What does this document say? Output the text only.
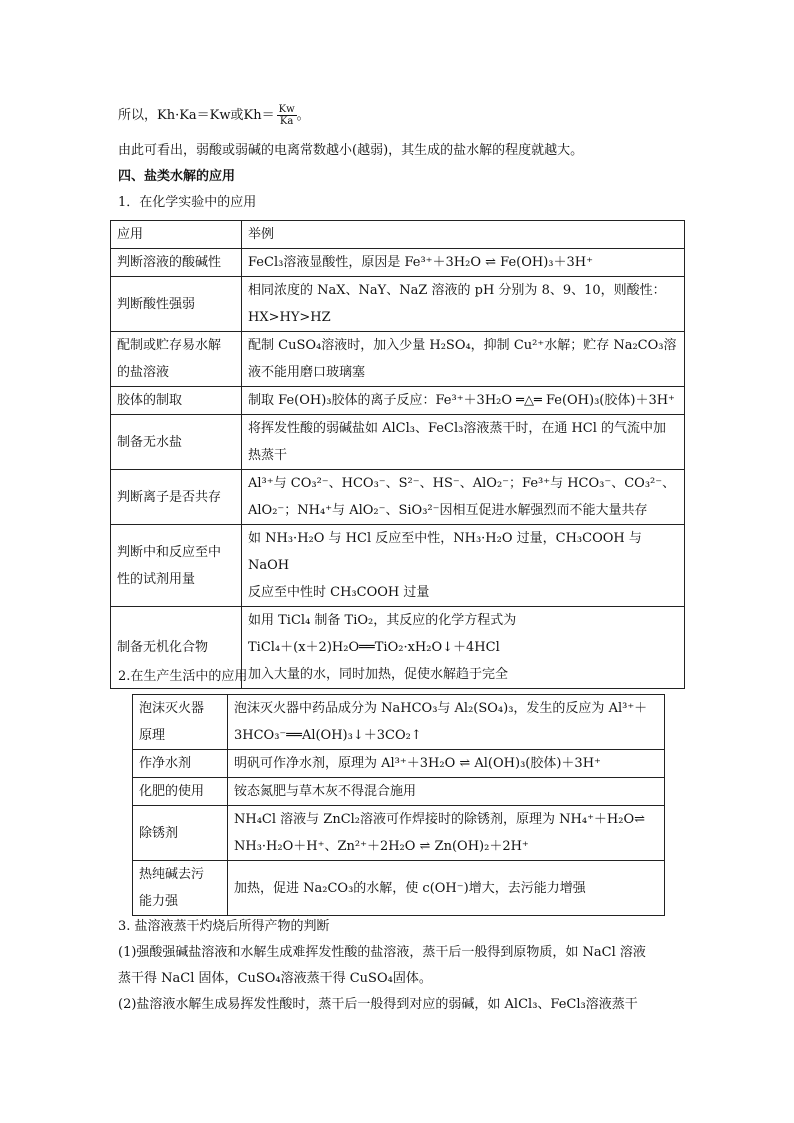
所以，Kh·Ka＝Kw或$Kh= \frac{Kw}{Ka}$ 。
由此可看出，弱酸或弱碱的电离常数越小(越弱)，其生成的盐水解的程度就越大。
四、盐类水解的应用
1．在化学实验中的应用
应用	举例

判断溶液的酸碱性	FeCl₃溶液显酸性，原因是 Fe³⁺＋3H₂O ⇌ Fe(OH)₃＋3H⁺

判断酸性强弱	相同浓度的 NaX、NaY、NaZ 溶液的 pH 分别为 8、9、10，则酸性：
HX>HY>HZ

配制或贮存易水解
的盐溶液	配制 CuSO₄溶液时，加入少量 H₂SO₄，抑制 Cu²⁺水解；贮存 Na₂CO₃溶
液不能用磨口玻璃塞

胶体的制取	制取 Fe(OH)₃胶体的离子反应：Fe³⁺＋3H₂O ═△═ Fe(OH)₃(胶体)＋3H⁺

制备无水盐	将挥发性酸的弱碱盐如 AlCl₃、FeCl₃溶液蒸干时，在通 HCl 的气流中加
热蒸干

判断离子是否共存	Al³⁺与 CO₃²⁻、HCO₃⁻、S²⁻、HS⁻、AlO₂⁻；Fe³⁺与 HCO₃⁻、CO₃²⁻、
AlO₂⁻；NH₄⁺与 AlO₂⁻、SiO₃²⁻因相互促进水解强烈而不能大量共存

判断中和反应至中
性的试剂用量	如 NH₃·H₂O 与 HCl 反应至中性，NH₃·H₂O 过量，CH₃COOH 与 NaOH
反应至中性时 CH₃COOH 过量

制备无机化合物	如用 TiCl₄ 制备 TiO₂，其反应的化学方程式为
TiCl₄＋(x＋2)H₂O══TiO₂·xH₂O↓＋4HCl
加入大量的水，同时加热，促使水解趋于完全
2.在生产生活中的应用
泡沫灭火器
原理	泡沫灭火器中药品成分为 NaHCO₃与 Al₂(SO₄)₃，发生的反应为 Al³⁺＋
3HCO₃⁻══Al(OH)₃↓＋3CO₂↑

作净水剂	明矾可作净水剂，原理为 Al³⁺＋3H₂O ⇌ Al(OH)₃(胶体)＋3H⁺

化肥的使用	铵态氮肥与草木灰不得混合施用

除锈剂	NH₄Cl 溶液与 ZnCl₂溶液可作焊接时的除锈剂，原理为 NH₄⁺＋H₂O⇌
NH₃·H₂O＋H⁺、Zn²⁺＋2H₂O ⇌ Zn(OH)₂＋2H⁺

热纯碱去污
能力强	加热，促进 Na₂CO₃的水解，使 c(OH⁻)增大，去污能力增强
3. 盐溶液蒸干灼烧后所得产物的判断
(1)强酸强碱盐溶液和水解生成难挥发性酸的盐溶液，蒸干后一般得到原物质，如 NaCl 溶液
蒸干得 NaCl 固体，CuSO₄溶液蒸干得 CuSO₄固体。
(2)盐溶液水解生成易挥发性酸时，蒸干后一般得到对应的弱碱，如 AlCl₃、FeCl₃溶液蒸干
